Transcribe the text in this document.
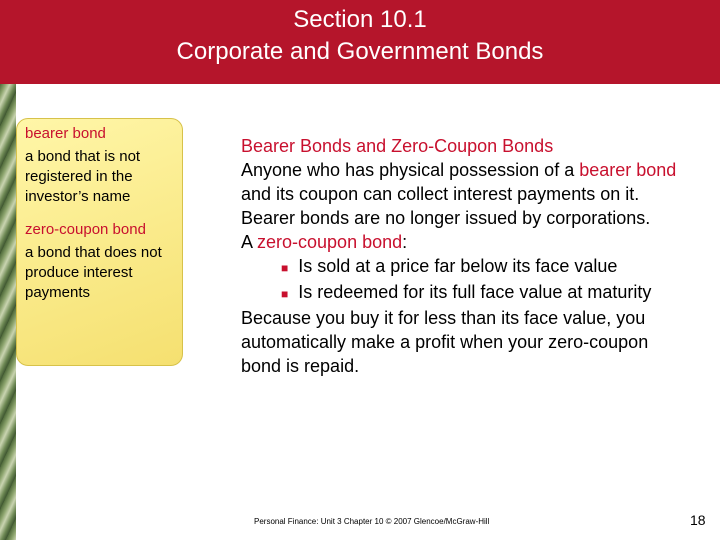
Section 10.1
Corporate and Government Bonds
bearer bond
a bond that is not registered in the investor’s name
zero-coupon bond
a bond that does not produce interest payments
Bearer Bonds and Zero-Coupon Bonds
Anyone who has physical possession of a bearer bond and its coupon can collect interest payments on it. Bearer bonds are no longer issued by corporations.
A zero-coupon bond:
■ Is sold at a price far below its face value
■ Is redeemed for its full face value at maturity
Because you buy it for less than its face value, you automatically make a profit when your zero-coupon bond is repaid.
Personal Finance: Unit 3 Chapter 10 © 2007 Glencoe/McGraw-Hill	18
